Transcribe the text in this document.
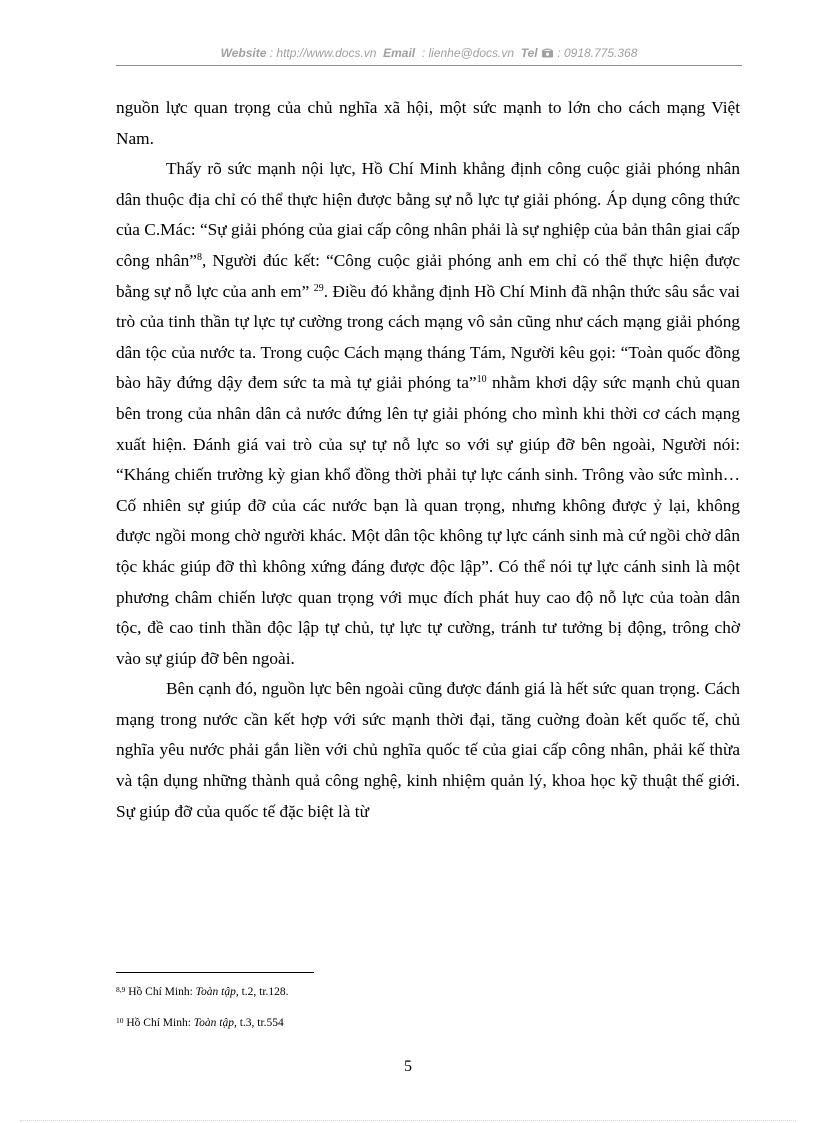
Website : http://www.docs.vn Email : lienhe@docs.vn Tel : 0918.775.368

nguồn lực quan trọng của chủ nghĩa xã hội, một sức mạnh to lớn cho cách mạng Việt Nam.

Thấy rõ sức mạnh nội lực, Hồ Chí Minh khẳng định công cuộc giải phóng nhân dân thuộc địa chỉ có thể thực hiện được bằng sự nỗ lực tự giải phóng. Áp dụng công thức của C.Mác: “Sự giải phóng của giai cấp công nhân phải là sự nghiệp của bản thân giai cấp công nhân”$^8$, Người đúc kết: “Công cuộc giải phóng anh em chỉ có thể thực hiện được bằng sự nỗ lực của anh em” $^{29}$. Điều đó khẳng định Hồ Chí Minh đã nhận thức sâu sắc vai trò của tinh thần tự lực tự cường trong cách mạng vô sản cũng như cách mạng giải phóng dân tộc của nước ta. Trong cuộc Cách mạng tháng Tám, Người kêu gọi: “Toàn quốc đồng bào hãy đứng dậy đem sức ta mà tự giải phóng ta”$^{10}$ nhằm khơi dậy sức mạnh chủ quan bên trong của nhân dân cả nước đứng lên tự giải phóng cho mình khi thời cơ cách mạng xuất hiện. Đánh giá vai trò của sự tự nỗ lực so với sự giúp đỡ bên ngoài, Người nói: “Kháng chiến trường kỳ gian khổ đồng thời phải tự lực cánh sinh. Trông vào sức mình…Cố nhiên sự giúp đỡ của các nước bạn là quan trọng, nhưng không được ỷ lại, không được ngồi mong chờ người khác. Một dân tộc không tự lực cánh sinh mà cứ ngồi chờ dân tộc khác giúp đỡ thì không xứng đáng được độc lập”. Có thể nói tự lực cánh sinh là một phương châm chiến lược quan trọng với mục đích phát huy cao độ nỗ lực của toàn dân tộc, đề cao tinh thần độc lập tự chủ, tự lực tự cường, tránh tư tưởng bị động, trông chờ vào sự giúp đỡ bên ngoài.

Bên cạnh đó, nguồn lực bên ngoài cũng được đánh giá là hết sức quan trọng. Cách mạng trong nước cần kết hợp với sức mạnh thời đại, tăng cuờng đoàn kết quốc tế, chủ nghĩa yêu nước phải gắn liền với chủ nghĩa quốc tế của giai cấp công nhân, phải kế thừa và tận dụng những thành quả công nghệ, kinh nhiệm quản lý, khoa học kỹ thuật thế giới. Sự giúp đỡ của quốc tế đặc biệt là từ

$^{8,9}$ Hồ Chí Minh: Toàn tập, t.2, tr.128.
$^{10}$ Hồ Chí Minh: Toàn tập, t.3, tr.554
5
